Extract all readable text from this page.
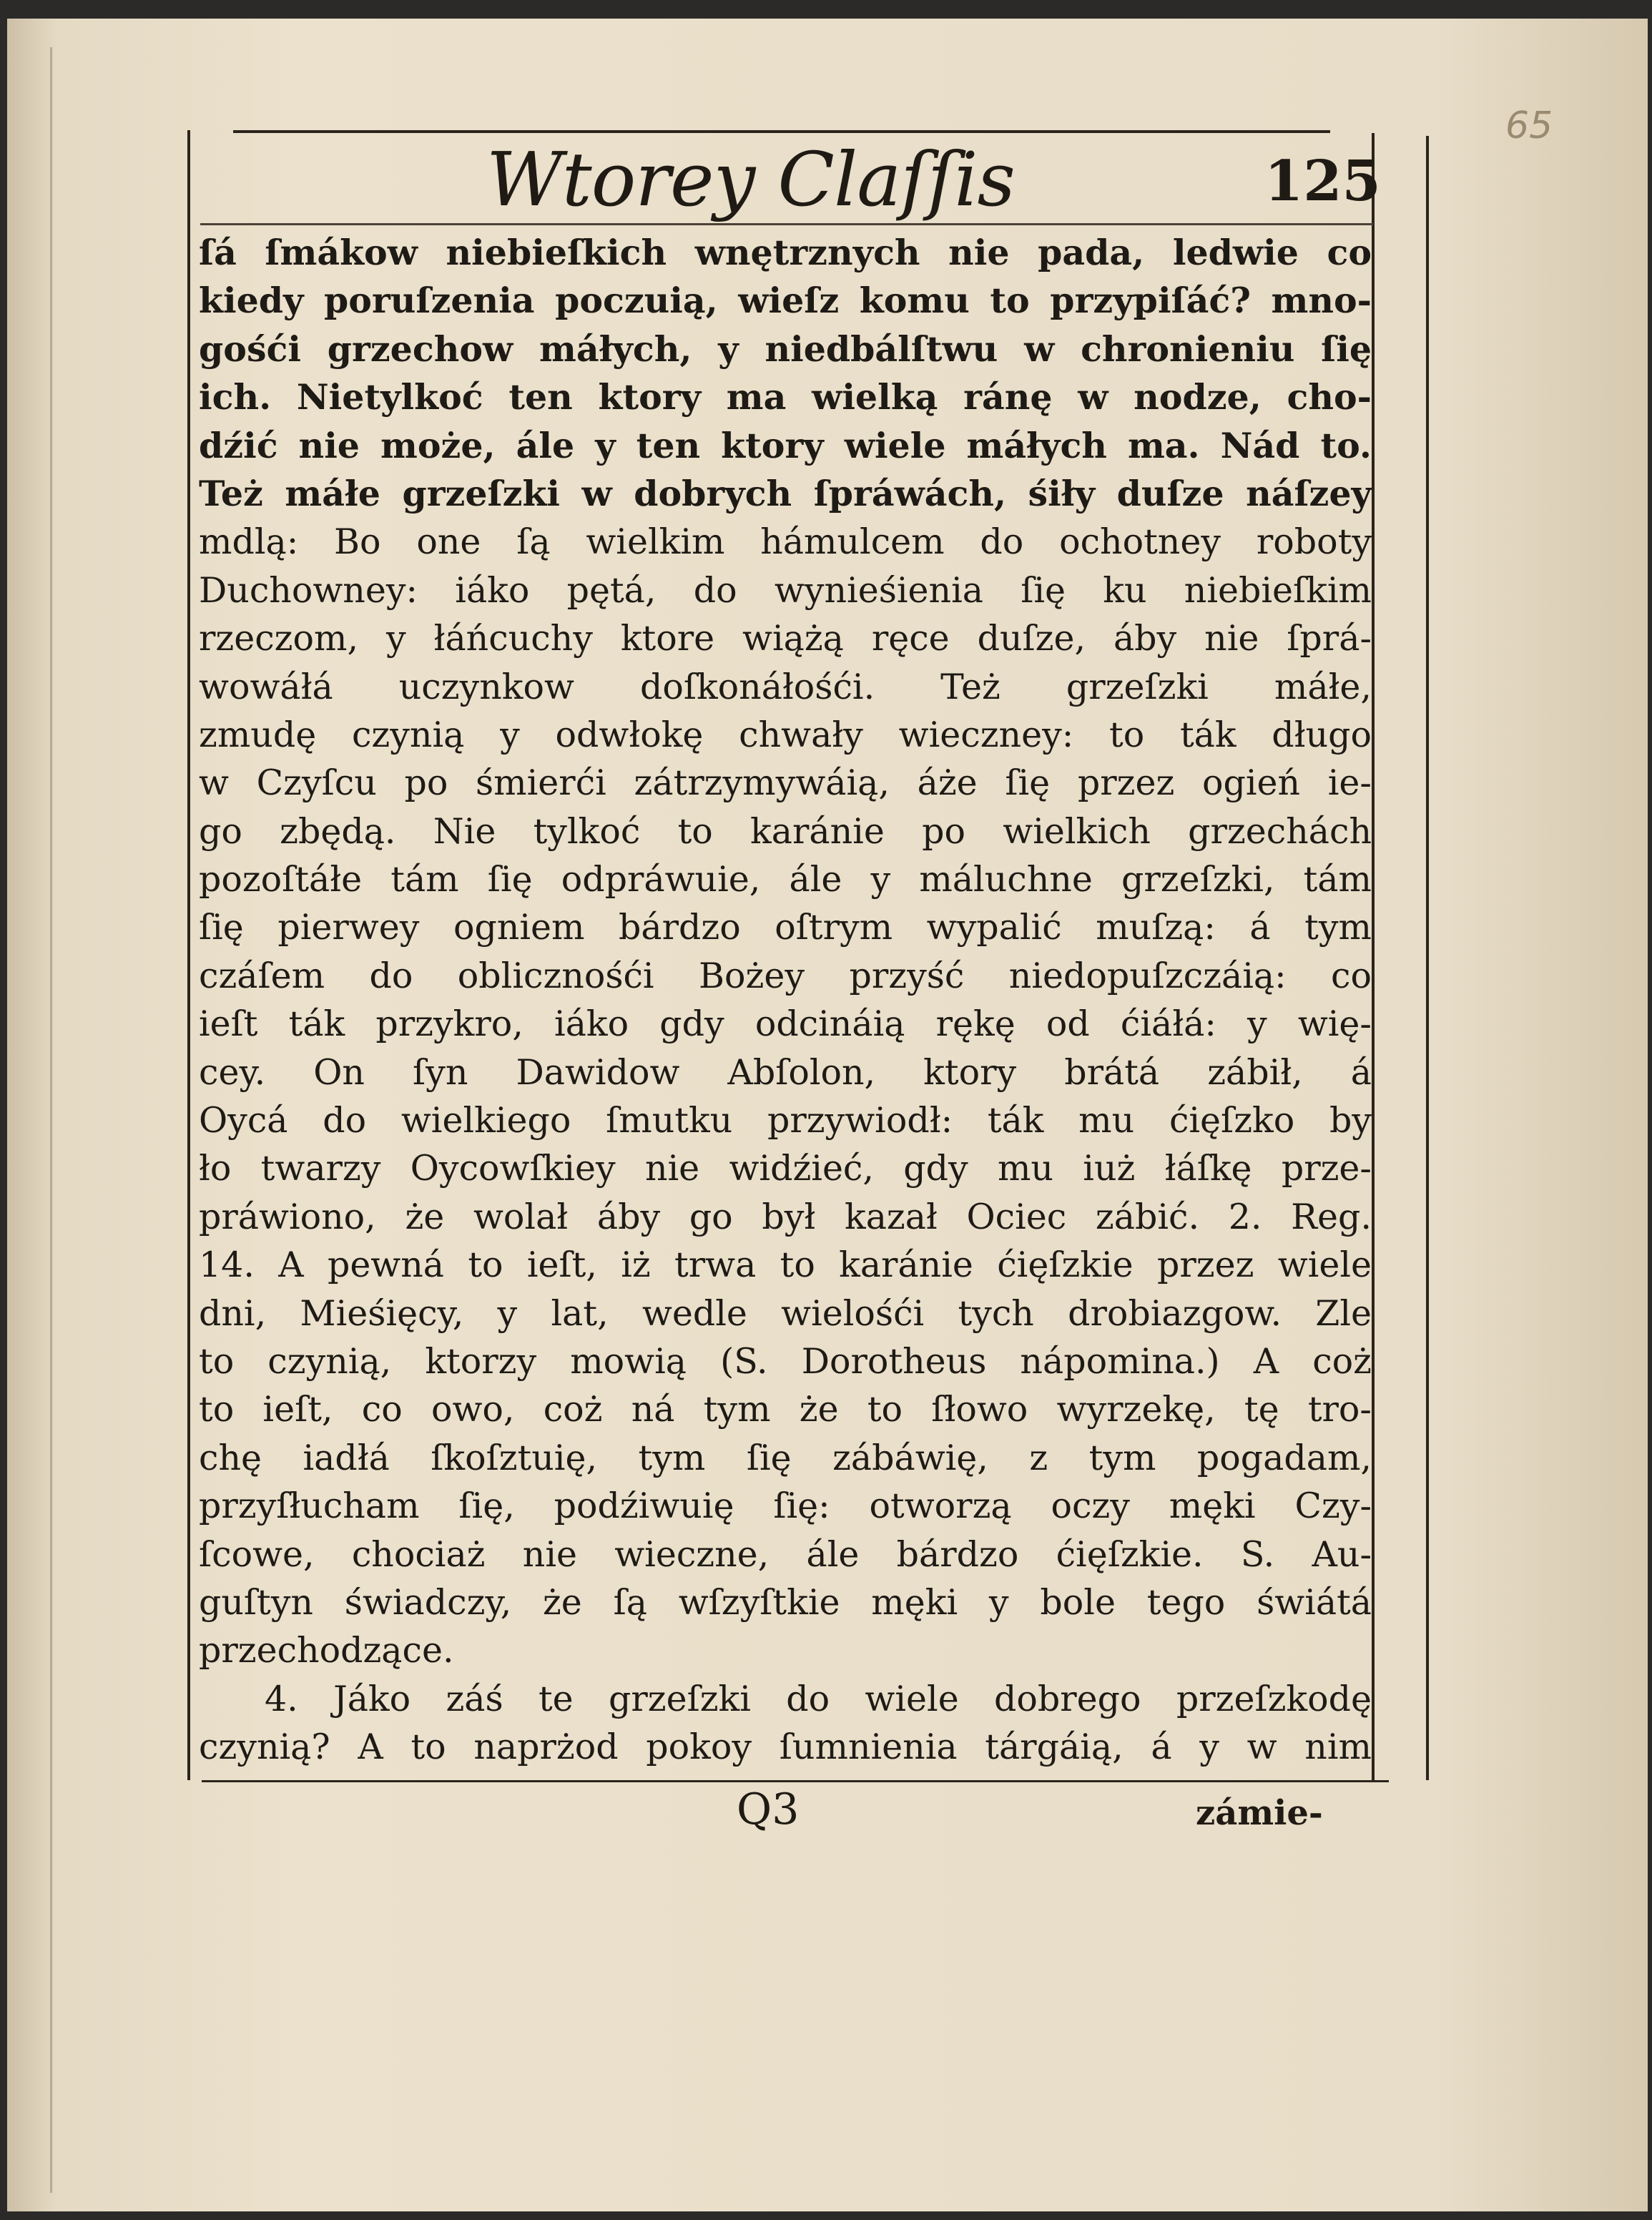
65
Wtorey Claſſis	125
ſá ſmákow niebieſkich wnętrznych nie pada, ledwie co
kiedy poruſzenia poczuią, wieſz komu to przypiſáć? mno-
gośći grzechow máłych, y niedbálſtwu w chronieniu ſię
ich. Nietylkoć ten ktory ma wielką ránę w nodze, cho-
dźić nie może, ále y ten ktory wiele máłych ma. Nád to.
Też máłe grzeſzki w dobrych ſpráwách, śiły duſze náſzey
mdlą: Bo one ſą wielkim hámulcem do ochotney roboty
Duchowney: iáko pętá, do wynieśienia ſię ku niebieſkim
rzeczom, y łáńcuchy ktore wiążą ręce duſze, áby nie ſprá-
wowáłá uczynkow doſkonáłośći. Też grzeſzki máłe,
zmudę czynią y odwłokę chwały wieczney: to ták długo
w Czyſcu po śmierći zátrzymywáią, áże ſię przez ogień ie-
go zbędą. Nie tylkoć to karánie po wielkich grzechách
pozoſtáłe tám ſię odpráwuie, ále y máluchne grzeſzki, tám
ſię pierwey ogniem bárdzo oſtrym wypalić muſzą: á tym
czáſem do oblicznośći Bożey przyść niedopuſzczáią: co
ieſt ták przykro, iáko gdy odcináią rękę od ćiáłá: y wię-
cey. On ſyn Dawidow Abſolon, ktory brátá zábił, á
Oycá do wielkiego ſmutku przywiodł: ták mu ćięſzko by
ło twarzy Oycowſkiey nie widźieć, gdy mu iuż łáſkę prze-
práwiono, że wolał áby go był kazał Ociec zábić. 2. Reg.
14. A pewná to ieſt, iż trwa to karánie ćięſzkie przez wiele
dni, Mieśięcy, y lat, wedle wielośći tych drobiazgow. Zle
to czynią, ktorzy mowią (S. Dorotheus nápomina.) A coż
to ieſt, co owo, coż ná tym że to ſłowo wyrzekę, tę tro-
chę iadłá ſkoſztuię, tym ſię zábáwię, z tym pogadam,
przyſłucham ſię, podźiwuię ſię: otworzą oczy męki Czy-
ſcowe, chociaż nie wieczne, ále bárdzo ćięſzkie. S. Au-
guſtyn świadczy, że ſą wſzyſtkie męki y bole tego świátá
przechodzące.
4. Jáko záś te grzeſzki do wiele dobrego przeſzkodę
czynią? A to naprżod pokoy ſumnienia tárgáią, á y w nim
Q3	zámie-
